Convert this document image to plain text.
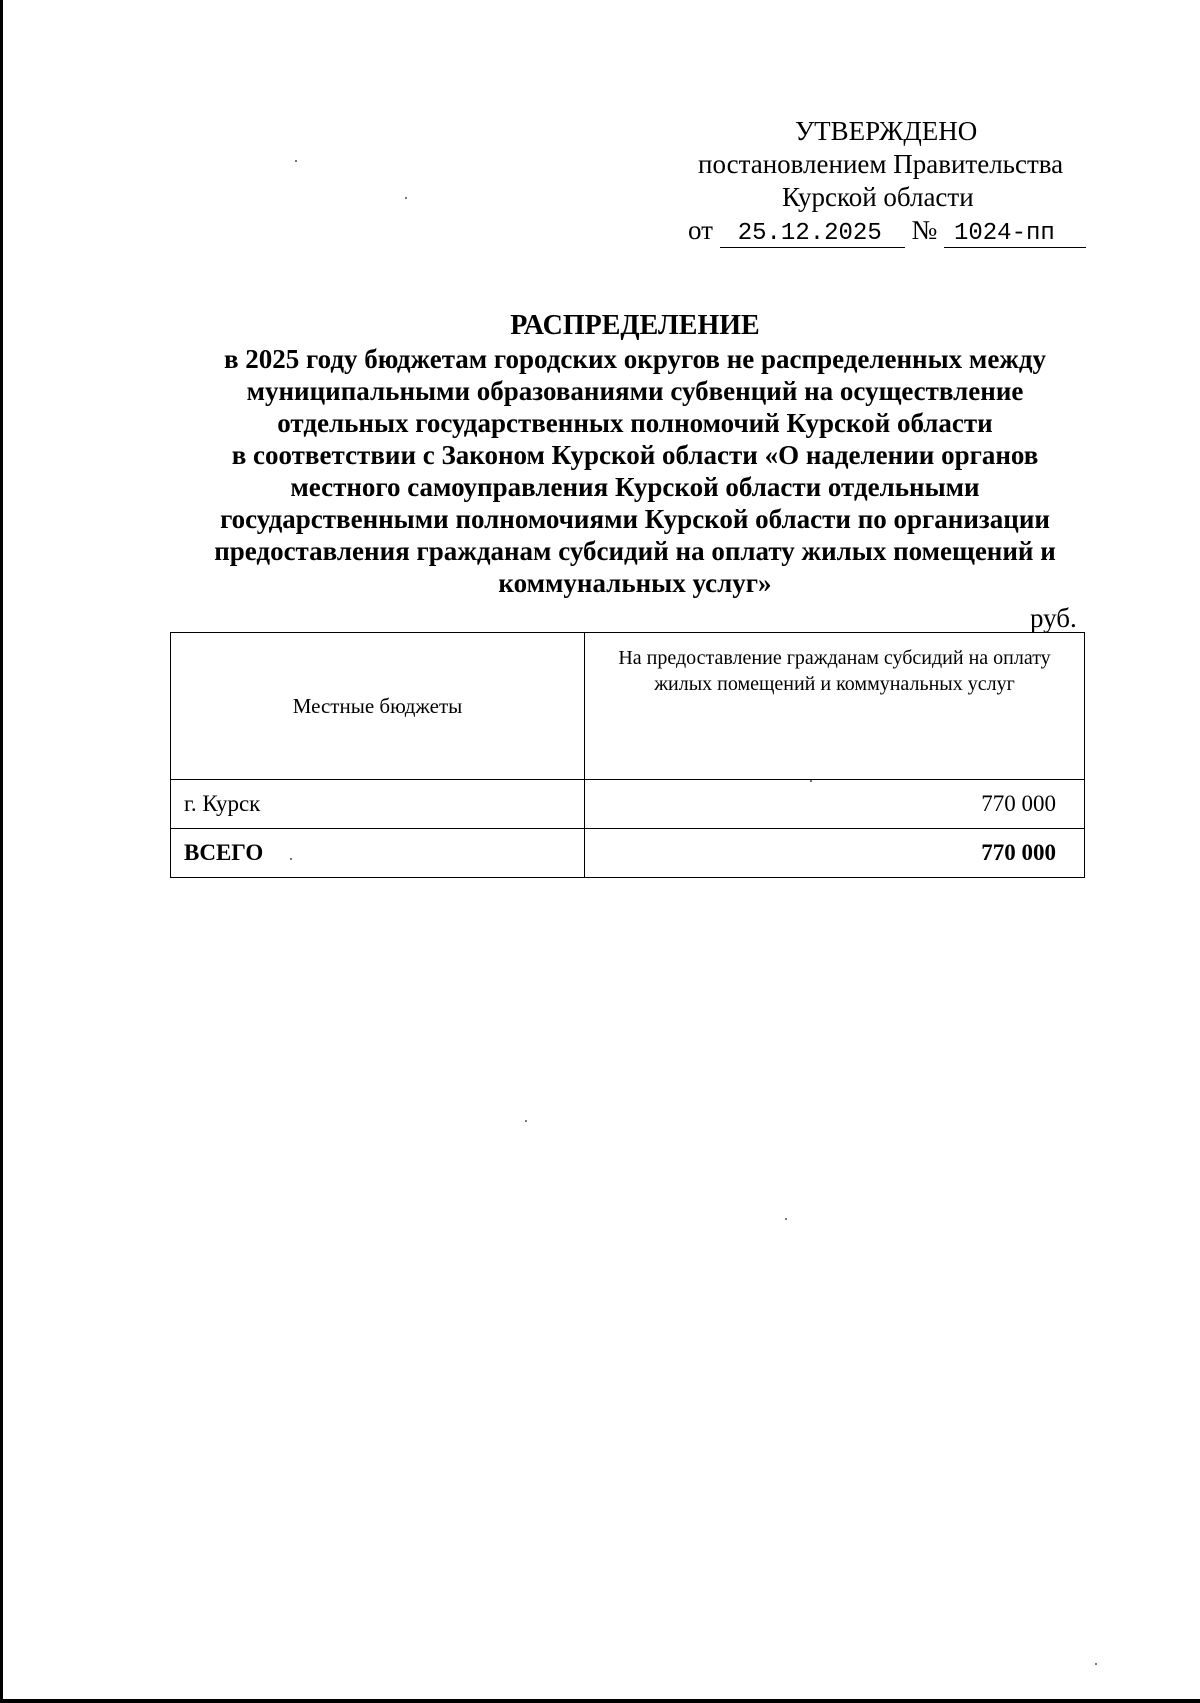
УТВЕРЖДЕНО
постановлением Правительства
Курской области
от 25.12.2025 № 1024-пп
РАСПРЕДЕЛЕНИЕ
в 2025 году бюджетам городских округов не распределенных между
муниципальными образованиями субвенций на осуществление
отдельных государственных полномочий Курской области
в соответствии с Законом Курской области «О наделении органов
местного самоуправления Курской области отдельными
государственными полномочиями Курской области по организации
предоставления гражданам субсидий на оплату жилых помещений и
коммунальных услуг»
руб.
Местные бюджеты	На предоставление гражданам субсидий на оплату жилых помещений и коммунальных услуг
г. Курск	770 000
ВСЕГО	770 000
